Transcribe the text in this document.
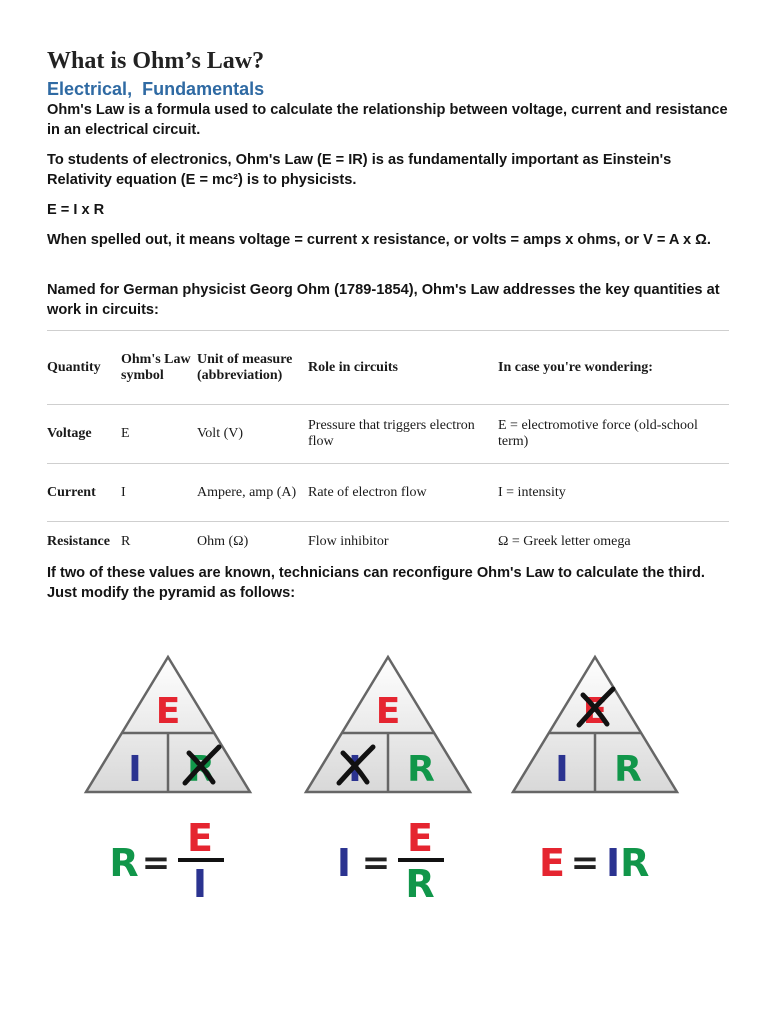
What is Ohm’s Law?
Electrical,  Fundamentals

Ohm's Law is a formula used to calculate the relationship between voltage, current and resistance in an electrical circuit.

To students of electronics, Ohm's Law (E = IR) is as fundamentally important as Einstein's Relativity equation (E = mc²) is to physicists.

E = I x R

When spelled out, it means voltage = current x resistance, or volts = amps x ohms, or V = A x Ω.

Named for German physicist Georg Ohm (1789-1854), Ohm's Law addresses the key quantities at work in circuits:

Quantity	Ohm's Law symbol	Unit of measure (abbreviation)	Role in circuits	In case you're wondering:
Voltage	E	Volt (V)	Pressure that triggers electron flow	E = electromotive force (old-school term)
Current	I	Ampere, amp (A)	Rate of electron flow	I = intensity
Resistance	R	Ohm (Ω)	Flow inhibitor	Ω = Greek letter omega

If two of these values are known, technicians can reconfigure Ohm's Law to calculate the third. Just modify the pyramid as follows:

E
I R
E
I R
E
I R
R =
E
I	I =
E
R	E = IR
